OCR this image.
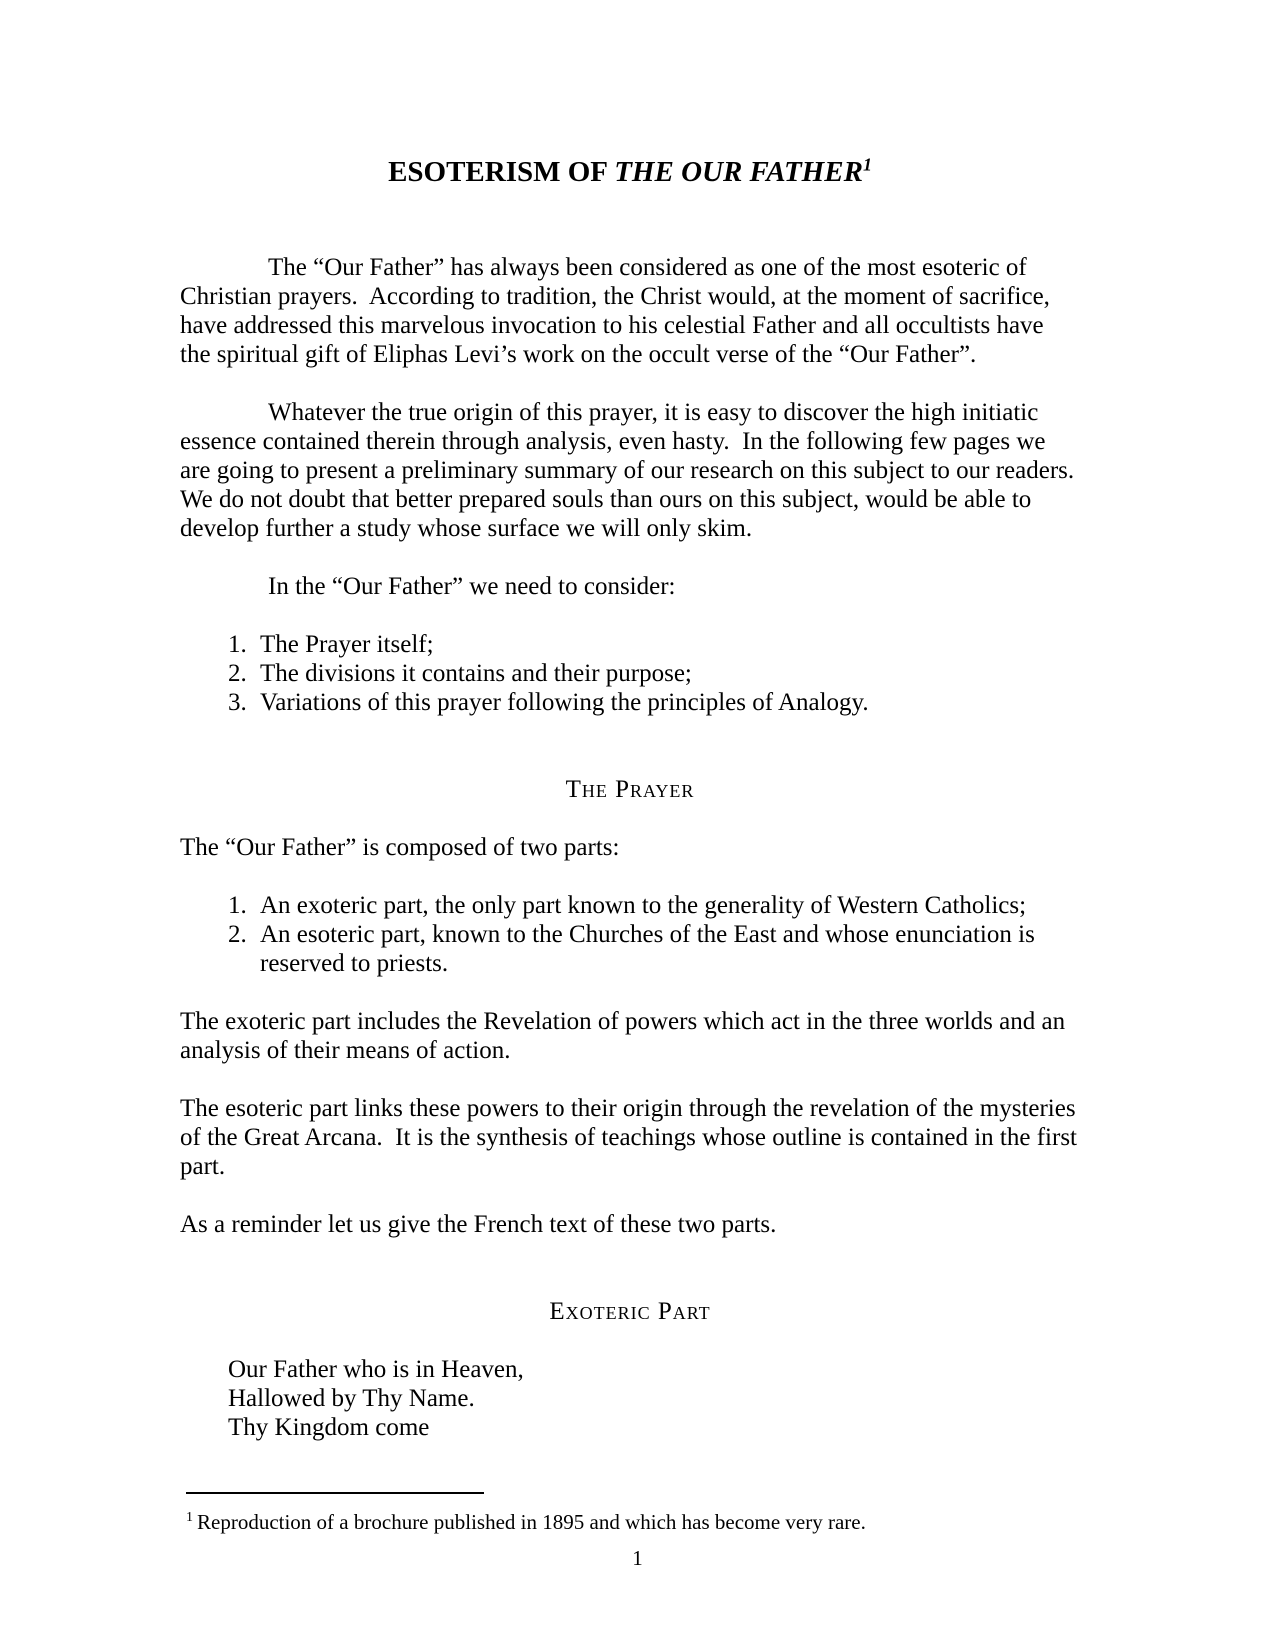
ESOTERISM OF THE OUR FATHER$^1$

The “Our Father” has always been considered as one of the most esoteric of Christian prayers.  According to tradition, the Christ would, at the moment of sacrifice, have addressed this marvelous invocation to his celestial Father and all occultists have the spiritual gift of Eliphas Levi’s work on the occult verse of the “Our Father”.

Whatever the true origin of this prayer, it is easy to discover the high initiatic essence contained therein through analysis, even hasty.  In the following few pages we are going to present a preliminary summary of our research on this subject to our readers.  We do not doubt that better prepared souls than ours on this subject, would be able to develop further a study whose surface we will only skim.

In the “Our Father” we need to consider:

1. The Prayer itself;
2. The divisions it contains and their purpose;
3. Variations of this prayer following the principles of Analogy.
The Prayer

The “Our Father” is composed of two parts:

1. An exoteric part, the only part known to the generality of Western Catholics;
2. An esoteric part, known to the Churches of the East and whose enunciation is reserved to priests.

The exoteric part includes the Revelation of powers which act in the three worlds and an analysis of their means of action.

The esoteric part links these powers to their origin through the revelation of the mysteries of the Great Arcana.  It is the synthesis of teachings whose outline is contained in the first part.

As a reminder let us give the French text of these two parts.

Exoteric Part
Our Father who is in Heaven,
Hallowed by Thy Name.
Thy Kingdom come
$^1$ Reproduction of a brochure published in 1895 and which has become very rare.
1
